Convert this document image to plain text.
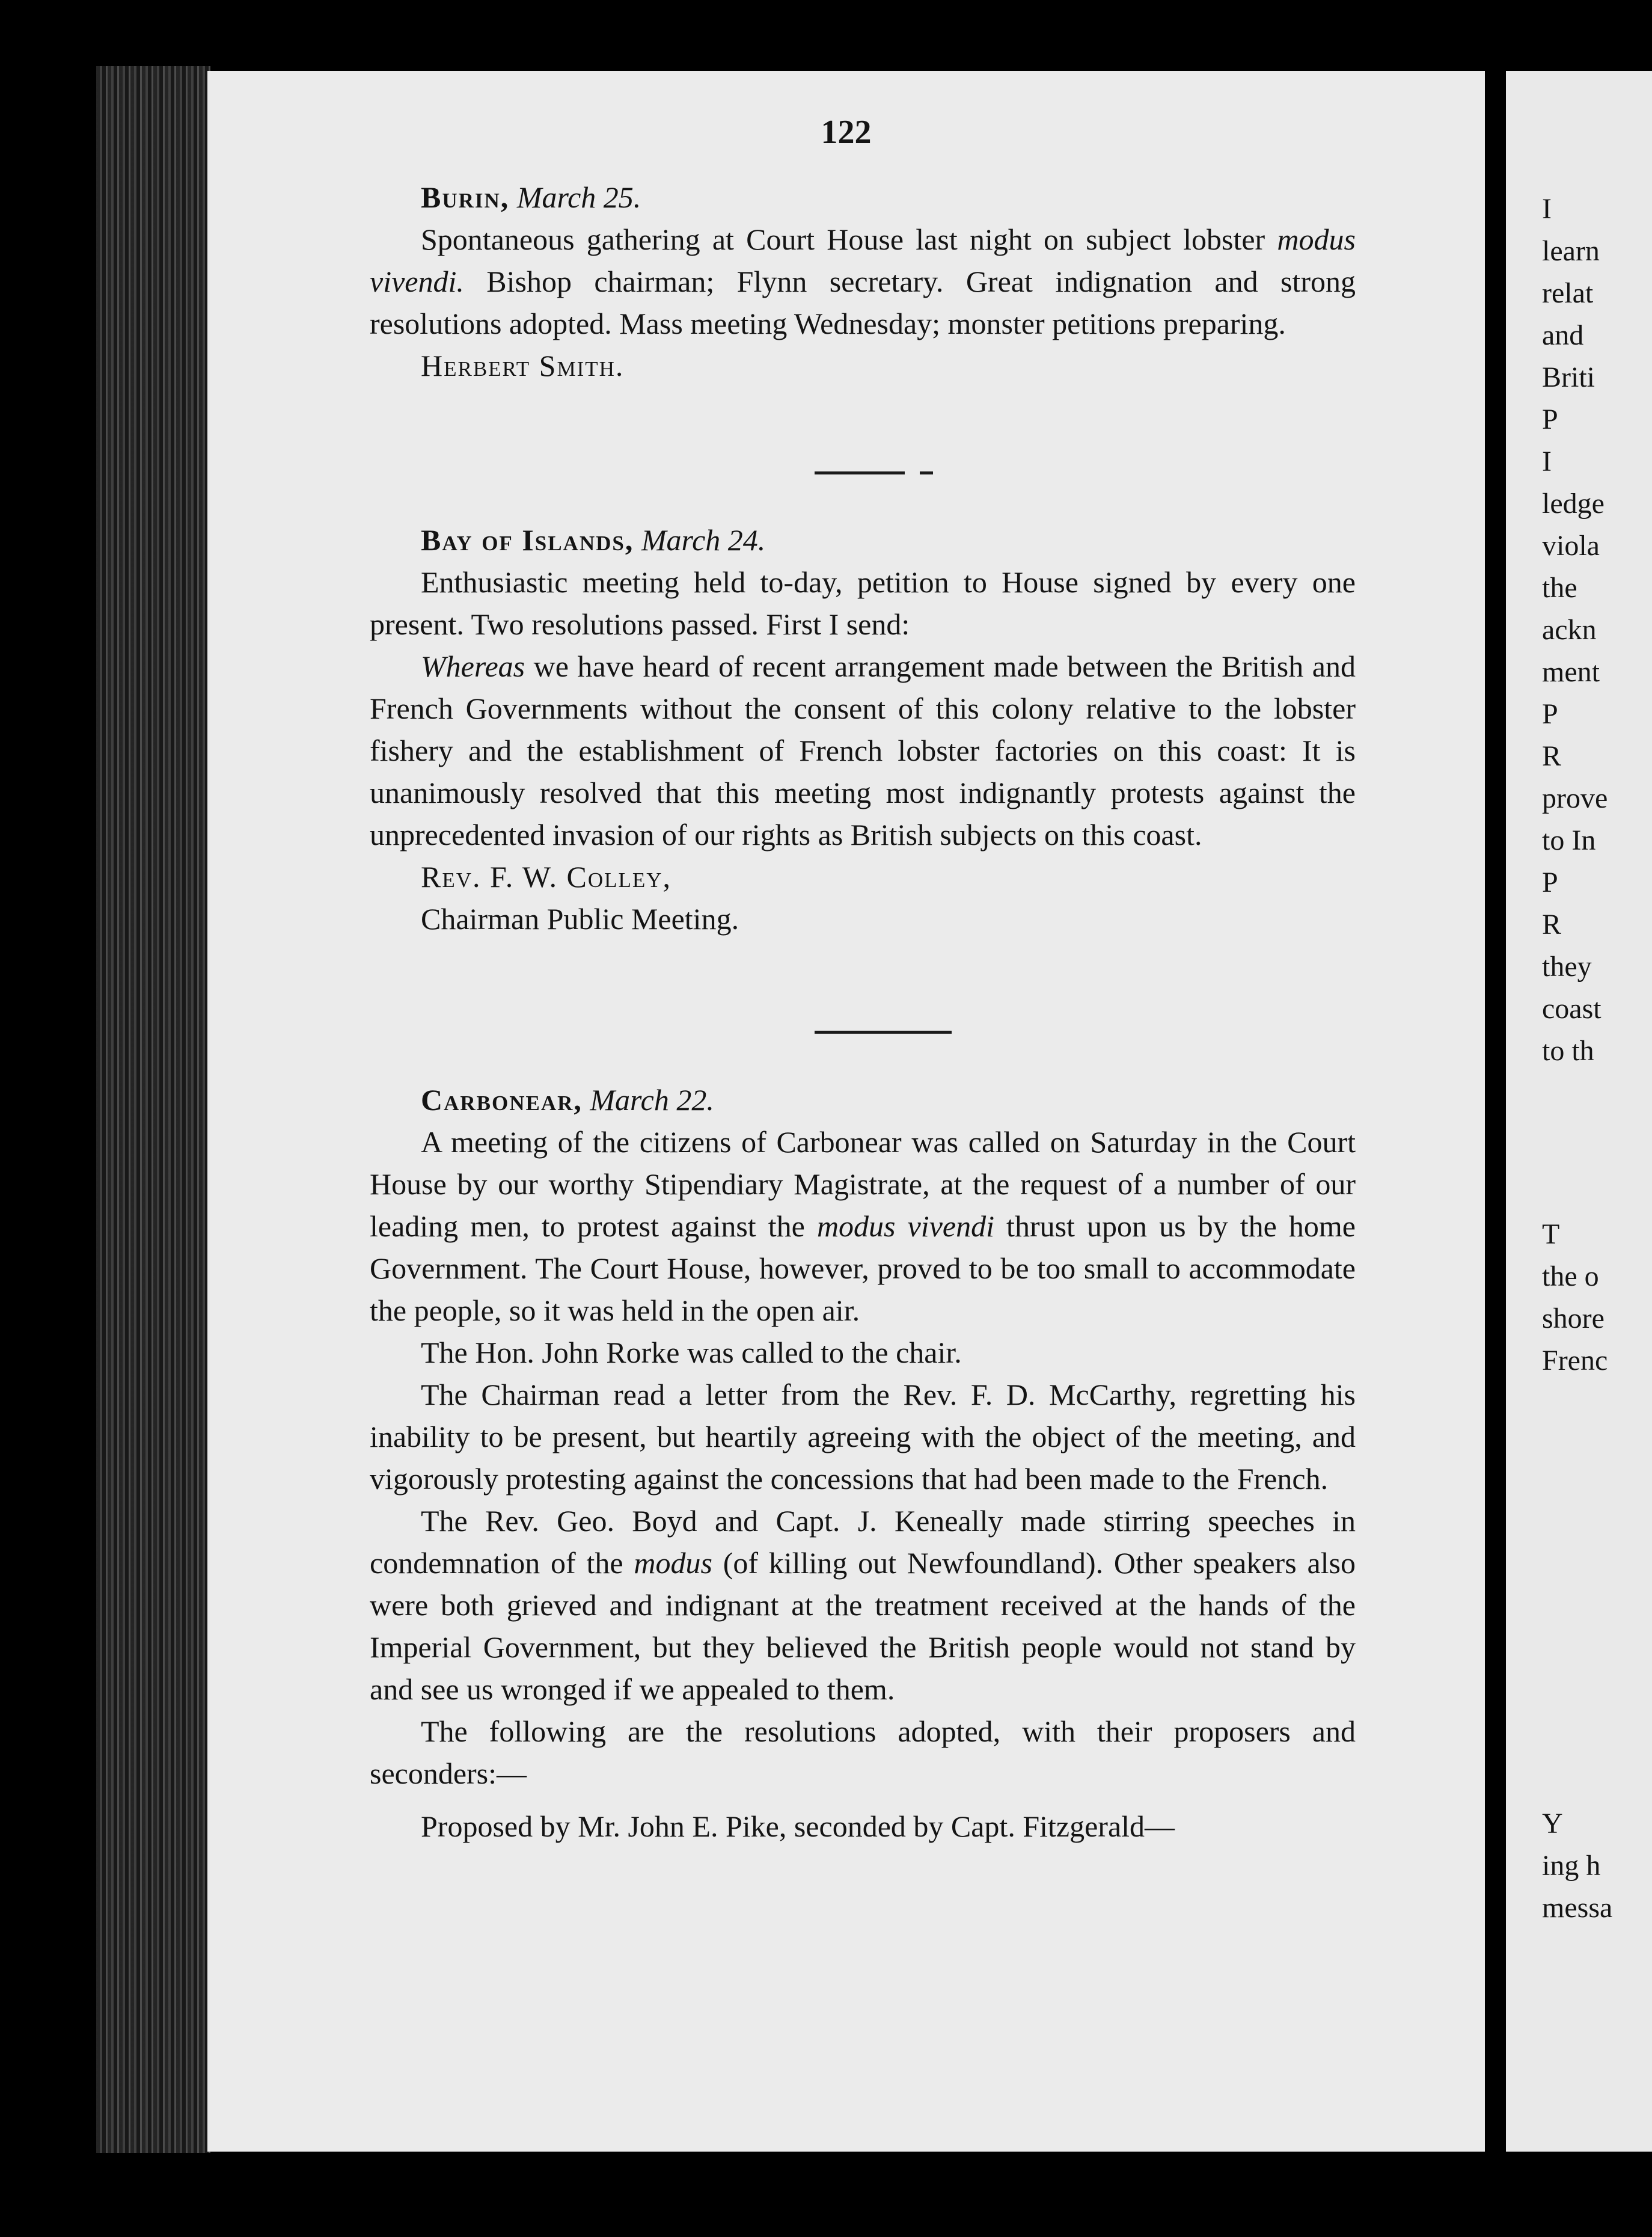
122

Burin, March 25.

Spontaneous gathering at Court House last night on subject lobster modus vivendi. Bishop chairman; Flynn secretary. Great indignation and strong resolutions adopted. Mass meeting Wednesday; monster petitions preparing.

Herbert Smith.

Bay of Islands, March 24.

Enthusiastic meeting held to-day, petition to House signed by every one present. Two resolutions passed. First I send:

Whereas we have heard of recent arrangement made between the British and French Governments without the consent of this colony relative to the lobster fishery and the establishment of French lobster factories on this coast: It is unanimously resolved that this meeting most indignantly protests against the unprecedented invasion of our rights as British subjects on this coast.

Rev. F. W. Colley,

Chairman Public Meeting.

Carbonear, March 22.

A meeting of the citizens of Carbonear was called on Saturday in the Court House by our worthy Stipendiary Magistrate, at the request of a number of our leading men, to protest against the modus vivendi thrust upon us by the home Government. The Court House, however, proved to be too small to accommodate the people, so it was held in the open air.

The Hon. John Rorke was called to the chair.

The Chairman read a letter from the Rev. F. D. McCarthy, regretting his inability to be present, but heartily agreeing with the object of the meeting, and vigorously protesting against the concessions that had been made to the French.

The Rev. Geo. Boyd and Capt. J. Keneally made stirring speeches in condemnation of the modus (of killing out Newfoundland). Other speakers also were both grieved and indignant at the treatment received at the hands of the Imperial Government, but they believed the British people would not stand by and see us wronged if we appealed to them.

The following are the resolutions adopted, with their proposers and seconders:—

Proposed by Mr. John E. Pike, seconded by Capt. Fitzgerald—

I
learn
relat
and
Briti
P
I
ledge
viola
the
ackn
ment
P
R
prove
to In
P
R
they
coast
to th
T
the o
shore
Frenc
Y
ing h
messa
